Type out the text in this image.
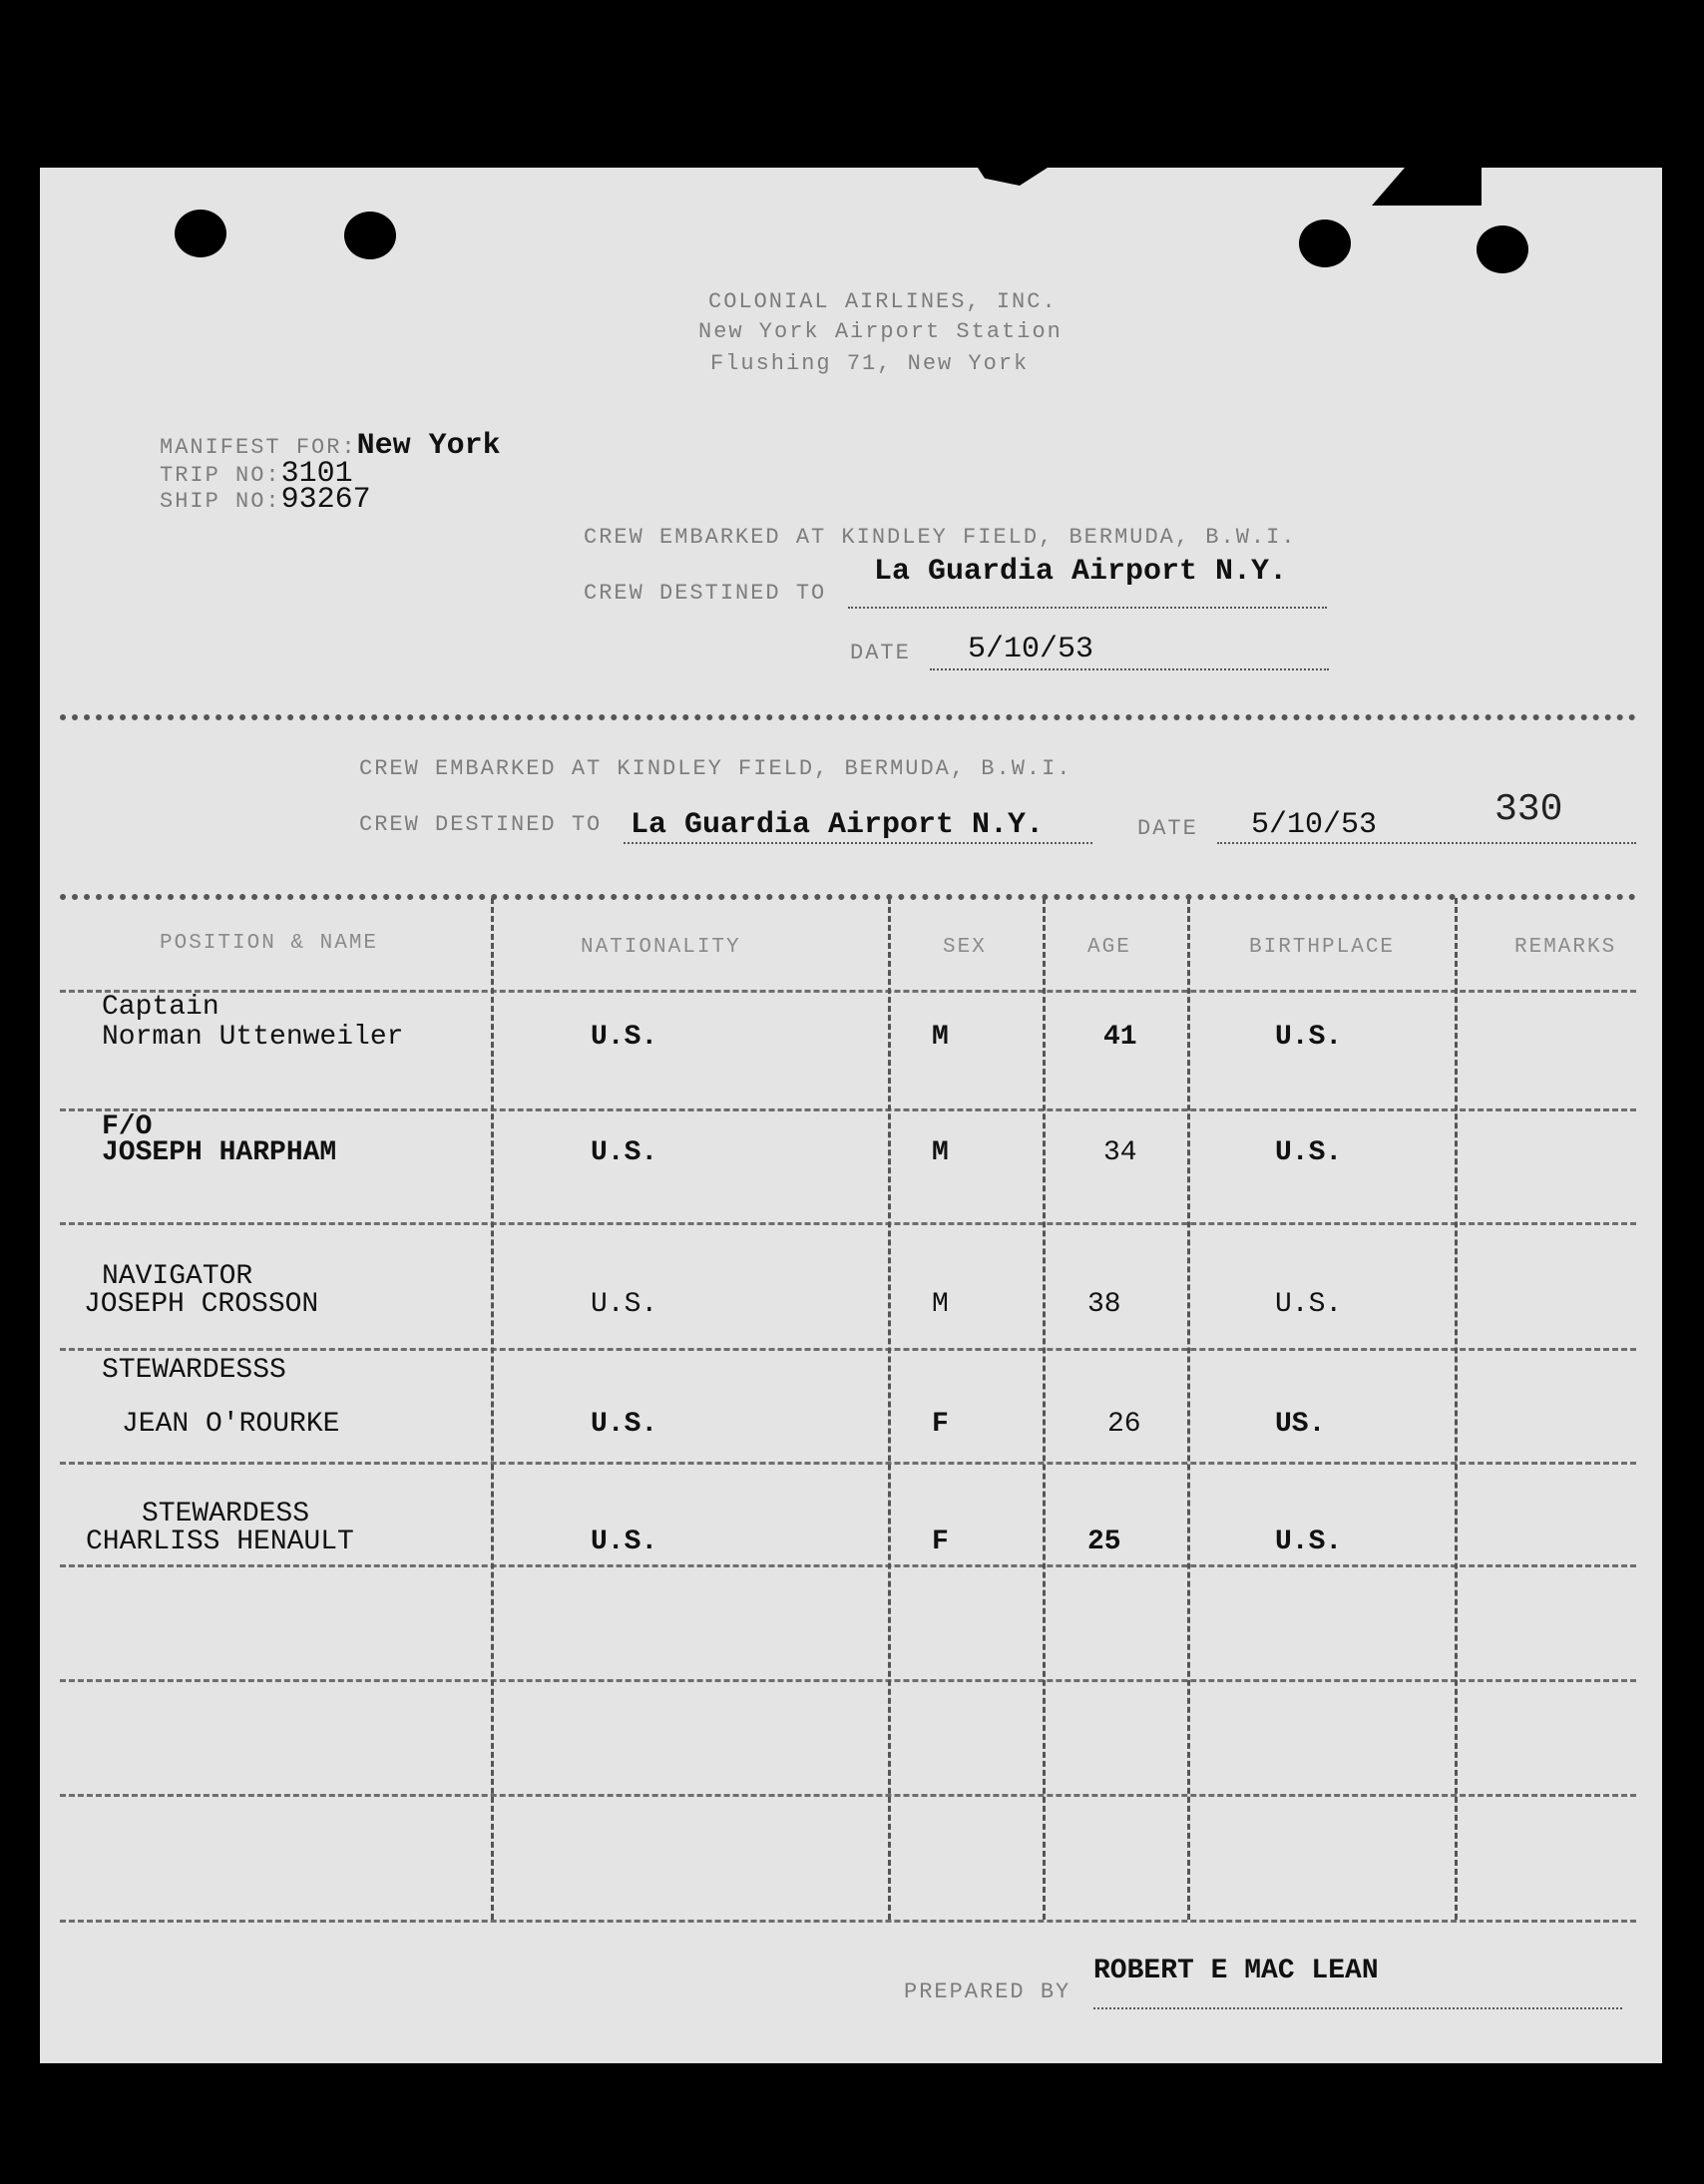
COLONIAL AIRLINES, INC.
New York Airport Station
Flushing 71, New York
MANIFEST FOR:New York
TRIP NO:3101
SHIP NO:93267
CREW EMBARKED AT KINDLEY FIELD, BERMUDA, B.W.I.
CREW DESTINED TO
La Guardia Airport N.Y.
DATE 5/10/53
CREW EMBARKED AT KINDLEY FIELD, BERMUDA, B.W.I.
CREW DESTINED TO La Guardia Airport N.Y.	DATE 5/10/53	330
POSITION & NAME	NATIONALITY	SEX	AGE	BIRTHPLACE	REMARKS
Captain
Norman Uttenweiler	U.S.	M	41	U.S.
F/O
JOSEPH HARPHAM	U.S.	M	34	U.S.
NAVIGATOR
JOSEPH CROSSON	U.S.	M	38	U.S.
STEWARDESSS
JEAN O'ROURKE	U.S.	F	26	US.
STEWARDESS
CHARLISS HENAULT	U.S.	F	25	U.S.
PREPARED BY
ROBERT E MAC LEAN
